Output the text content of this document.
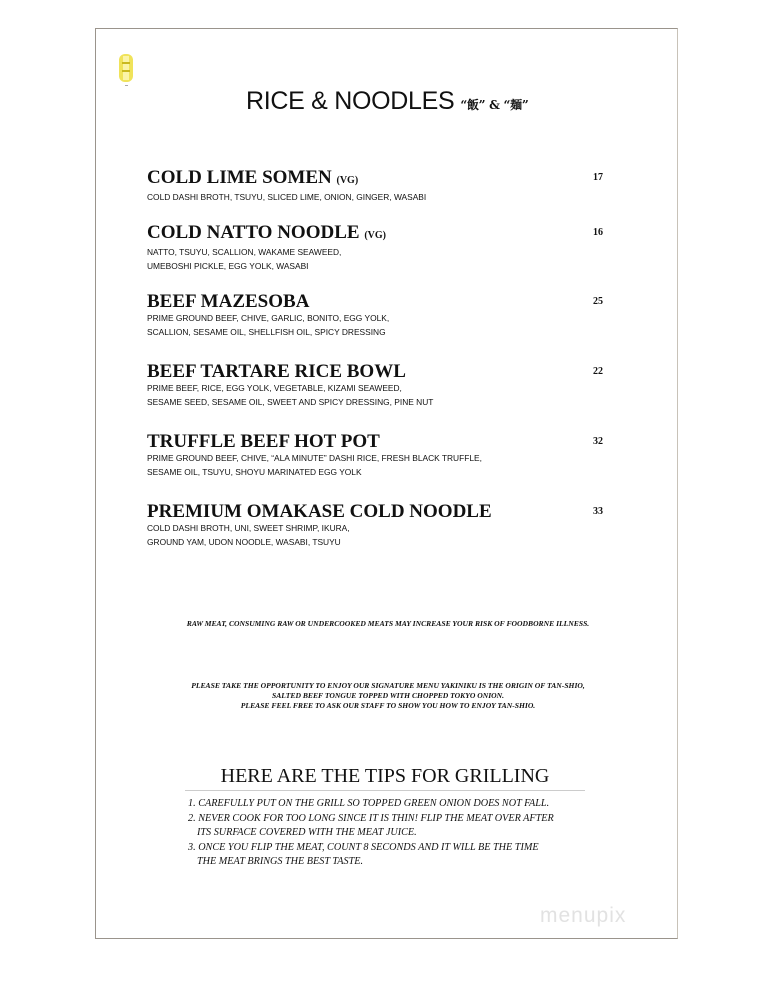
RICE & NOODLES “飯” & “麺”
COLD LIME SOMEN (VG)
COLD DASHI BROTH, TSUYU, SLICED LIME, ONION, GINGER, WASABI
17
COLD NATTO NOODLE (VG)
NATTO, TSUYU, SCALLION, WAKAME SEAWEED,
UMEBOSHI PICKLE, EGG YOLK, WASABI
16
BEEF MAZESOBA
PRIME GROUND BEEF, CHIVE, GARLIC, BONITO, EGG YOLK,
SCALLION, SESAME OIL, SHELLFISH OIL, SPICY DRESSING
25
BEEF TARTARE RICE BOWL
PRIME BEEF, RICE, EGG YOLK, VEGETABLE, KIZAMI SEAWEED,
SESAME SEED, SESAME OIL, SWEET AND SPICY DRESSING, PINE NUT
22
TRUFFLE BEEF HOT POT
PRIME GROUND BEEF, CHIVE, “ALA MINUTE” DASHI RICE, FRESH BLACK TRUFFLE,
SESAME OIL, TSUYU, SHOYU MARINATED EGG YOLK
32
PREMIUM OMAKASE COLD NOODLE
COLD DASHI BROTH, UNI, SWEET SHRIMP, IKURA,
GROUND YAM, UDON NOODLE, WASABI, TSUYU
33
RAW MEAT, CONSUMING RAW OR UNDERCOOKED MEATS MAY INCREASE YOUR RISK OF FOODBORNE ILLNESS.
PLEASE TAKE THE OPPORTUNITY TO ENJOY OUR SIGNATURE MENU YAKINIKU IS THE ORIGIN OF TAN-SHIO,
SALTED BEEF TONGUE TOPPED WITH CHOPPED TOKYO ONION.
PLEASE FEEL FREE TO ASK OUR STAFF TO SHOW YOU HOW TO ENJOY TAN-SHIO.
HERE ARE THE TIPS FOR GRILLING
1. CAREFULLY PUT ON THE GRILL SO TOPPED GREEN ONION DOES NOT FALL.
2. NEVER COOK FOR TOO LONG SINCE IT IS THIN! FLIP THE MEAT OVER AFTER
ITS SURFACE COVERED WITH THE MEAT JUICE.
3. ONCE YOU FLIP THE MEAT, COUNT 8 SECONDS AND IT WILL BE THE TIME
THE MEAT BRINGS THE BEST TASTE.
menupix
